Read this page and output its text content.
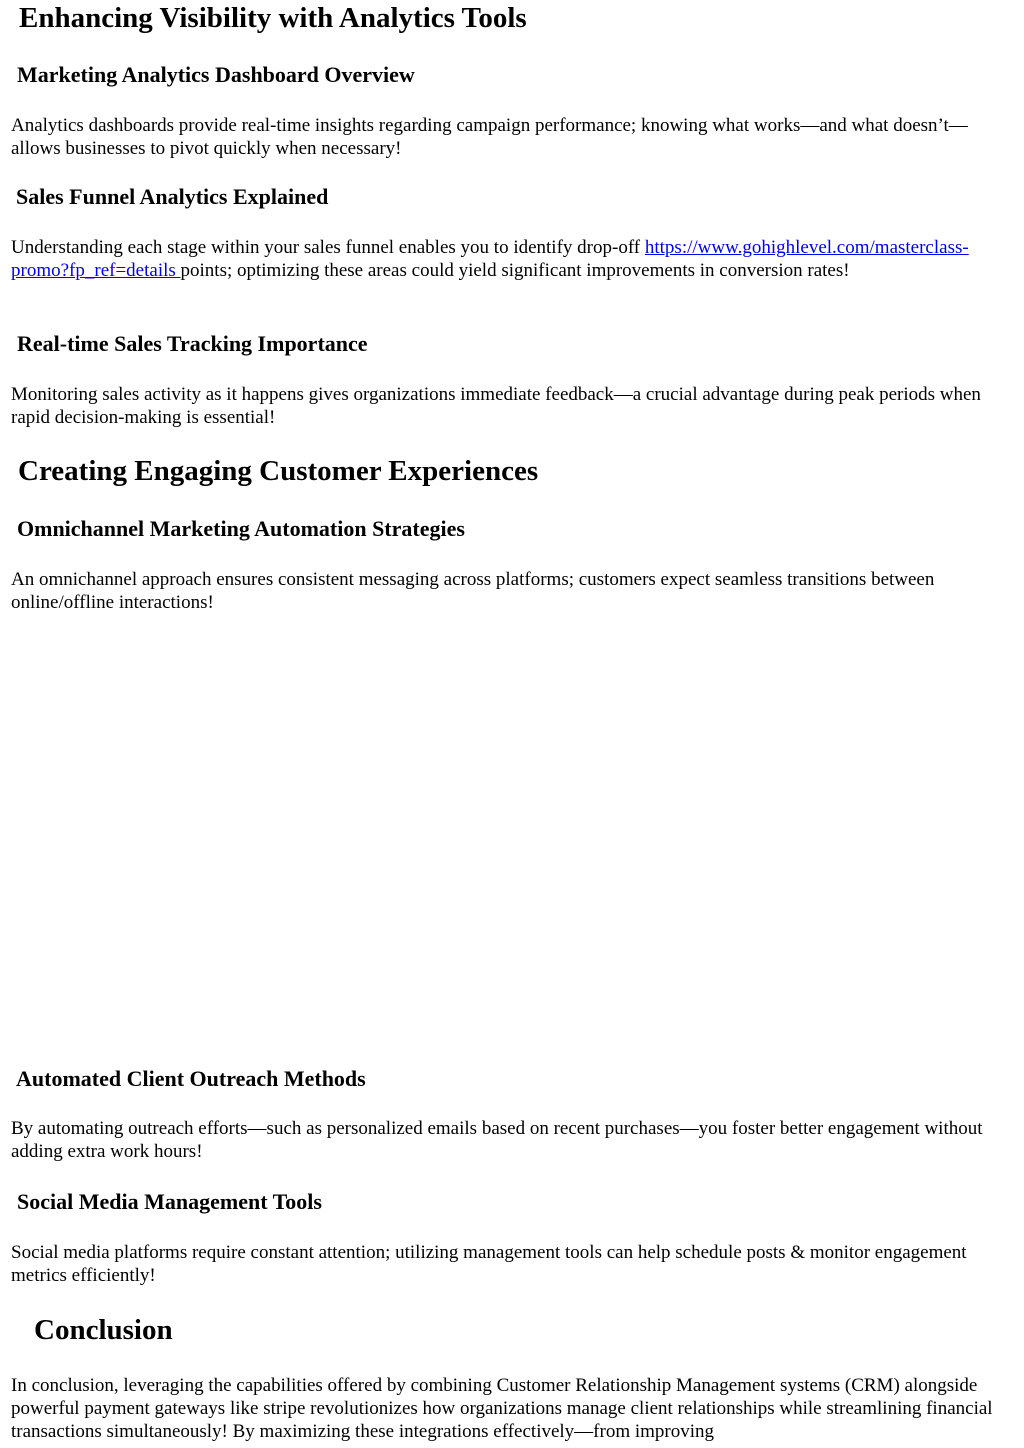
Enhancing Visibility with Analytics Tools
Marketing Analytics Dashboard Overview

Analytics dashboards provide real-time insights regarding campaign performance; knowing what works—and what doesn’t—allows businesses to pivot quickly when necessary!

Sales Funnel Analytics Explained

Understanding each stage within your sales funnel enables you to identify drop-off https://www.gohighlevel.com/masterclass-promo?fp_ref=details points; optimizing these areas could yield significant improvements in conversion rates!

Real-time Sales Tracking Importance

Monitoring sales activity as it happens gives organizations immediate feedback—a crucial advantage during peak periods when rapid decision-making is essential!

Creating Engaging Customer Experiences
Omnichannel Marketing Automation Strategies

An omnichannel approach ensures consistent messaging across platforms; customers expect seamless transitions between online/offline interactions!

Automated Client Outreach Methods

By automating outreach efforts—such as personalized emails based on recent purchases—you foster better engagement without adding extra work hours!

Social Media Management Tools

Social media platforms require constant attention; utilizing management tools can help schedule posts & monitor engagement metrics efficiently!

Conclusion

In conclusion, leveraging the capabilities offered by combining Customer Relationship Management systems (CRM) alongside powerful payment gateways like stripe revolutionizes how organizations manage client relationships while streamlining financial transactions simultaneously! By maximizing these integrations effectively—from improving
